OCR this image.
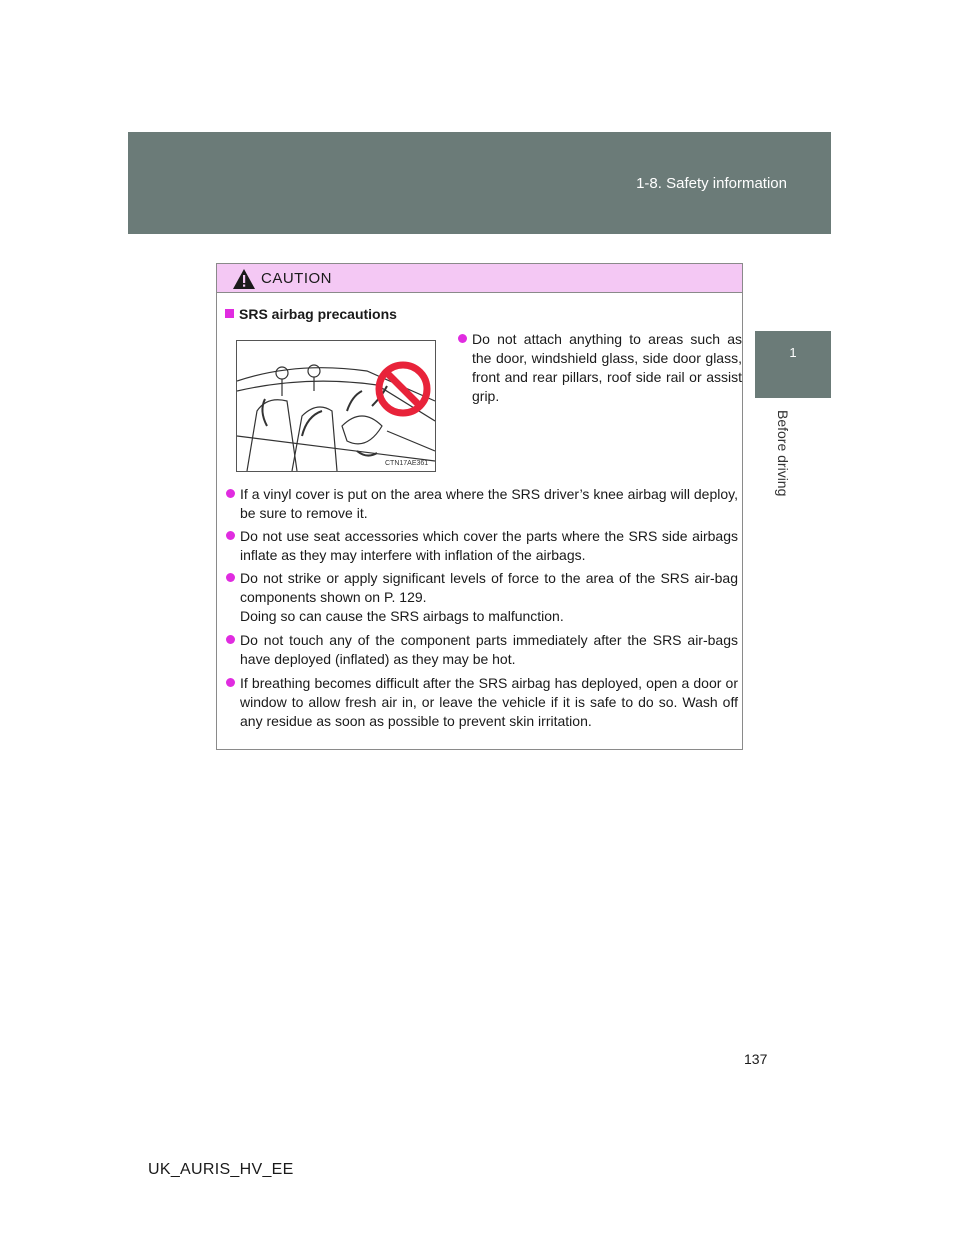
1-8. Safety information
1
Before driving
CAUTION
SRS airbag precautions
CTN17AE361
Do not attach anything to areas such as the door, windshield glass, side door glass, front and rear pillars, roof side rail or assist grip.
If a vinyl cover is put on the area where the SRS driver’s knee airbag will deploy, be sure to remove it.
Do not use seat accessories which cover the parts where the SRS side airbags inflate as they may interfere with inflation of the airbags.
Do not strike or apply significant levels of force to the area of the SRS air-bag components shown on P. 129.
Doing so can cause the SRS airbags to malfunction.
Do not touch any of the component parts immediately after the SRS air-bags have deployed (inflated) as they may be hot.
If breathing becomes difficult after the SRS airbag has deployed, open a door or window to allow fresh air in, or leave the vehicle if it is safe to do so. Wash off any residue as soon as possible to prevent skin irritation.
137
UK_AURIS_HV_EE
